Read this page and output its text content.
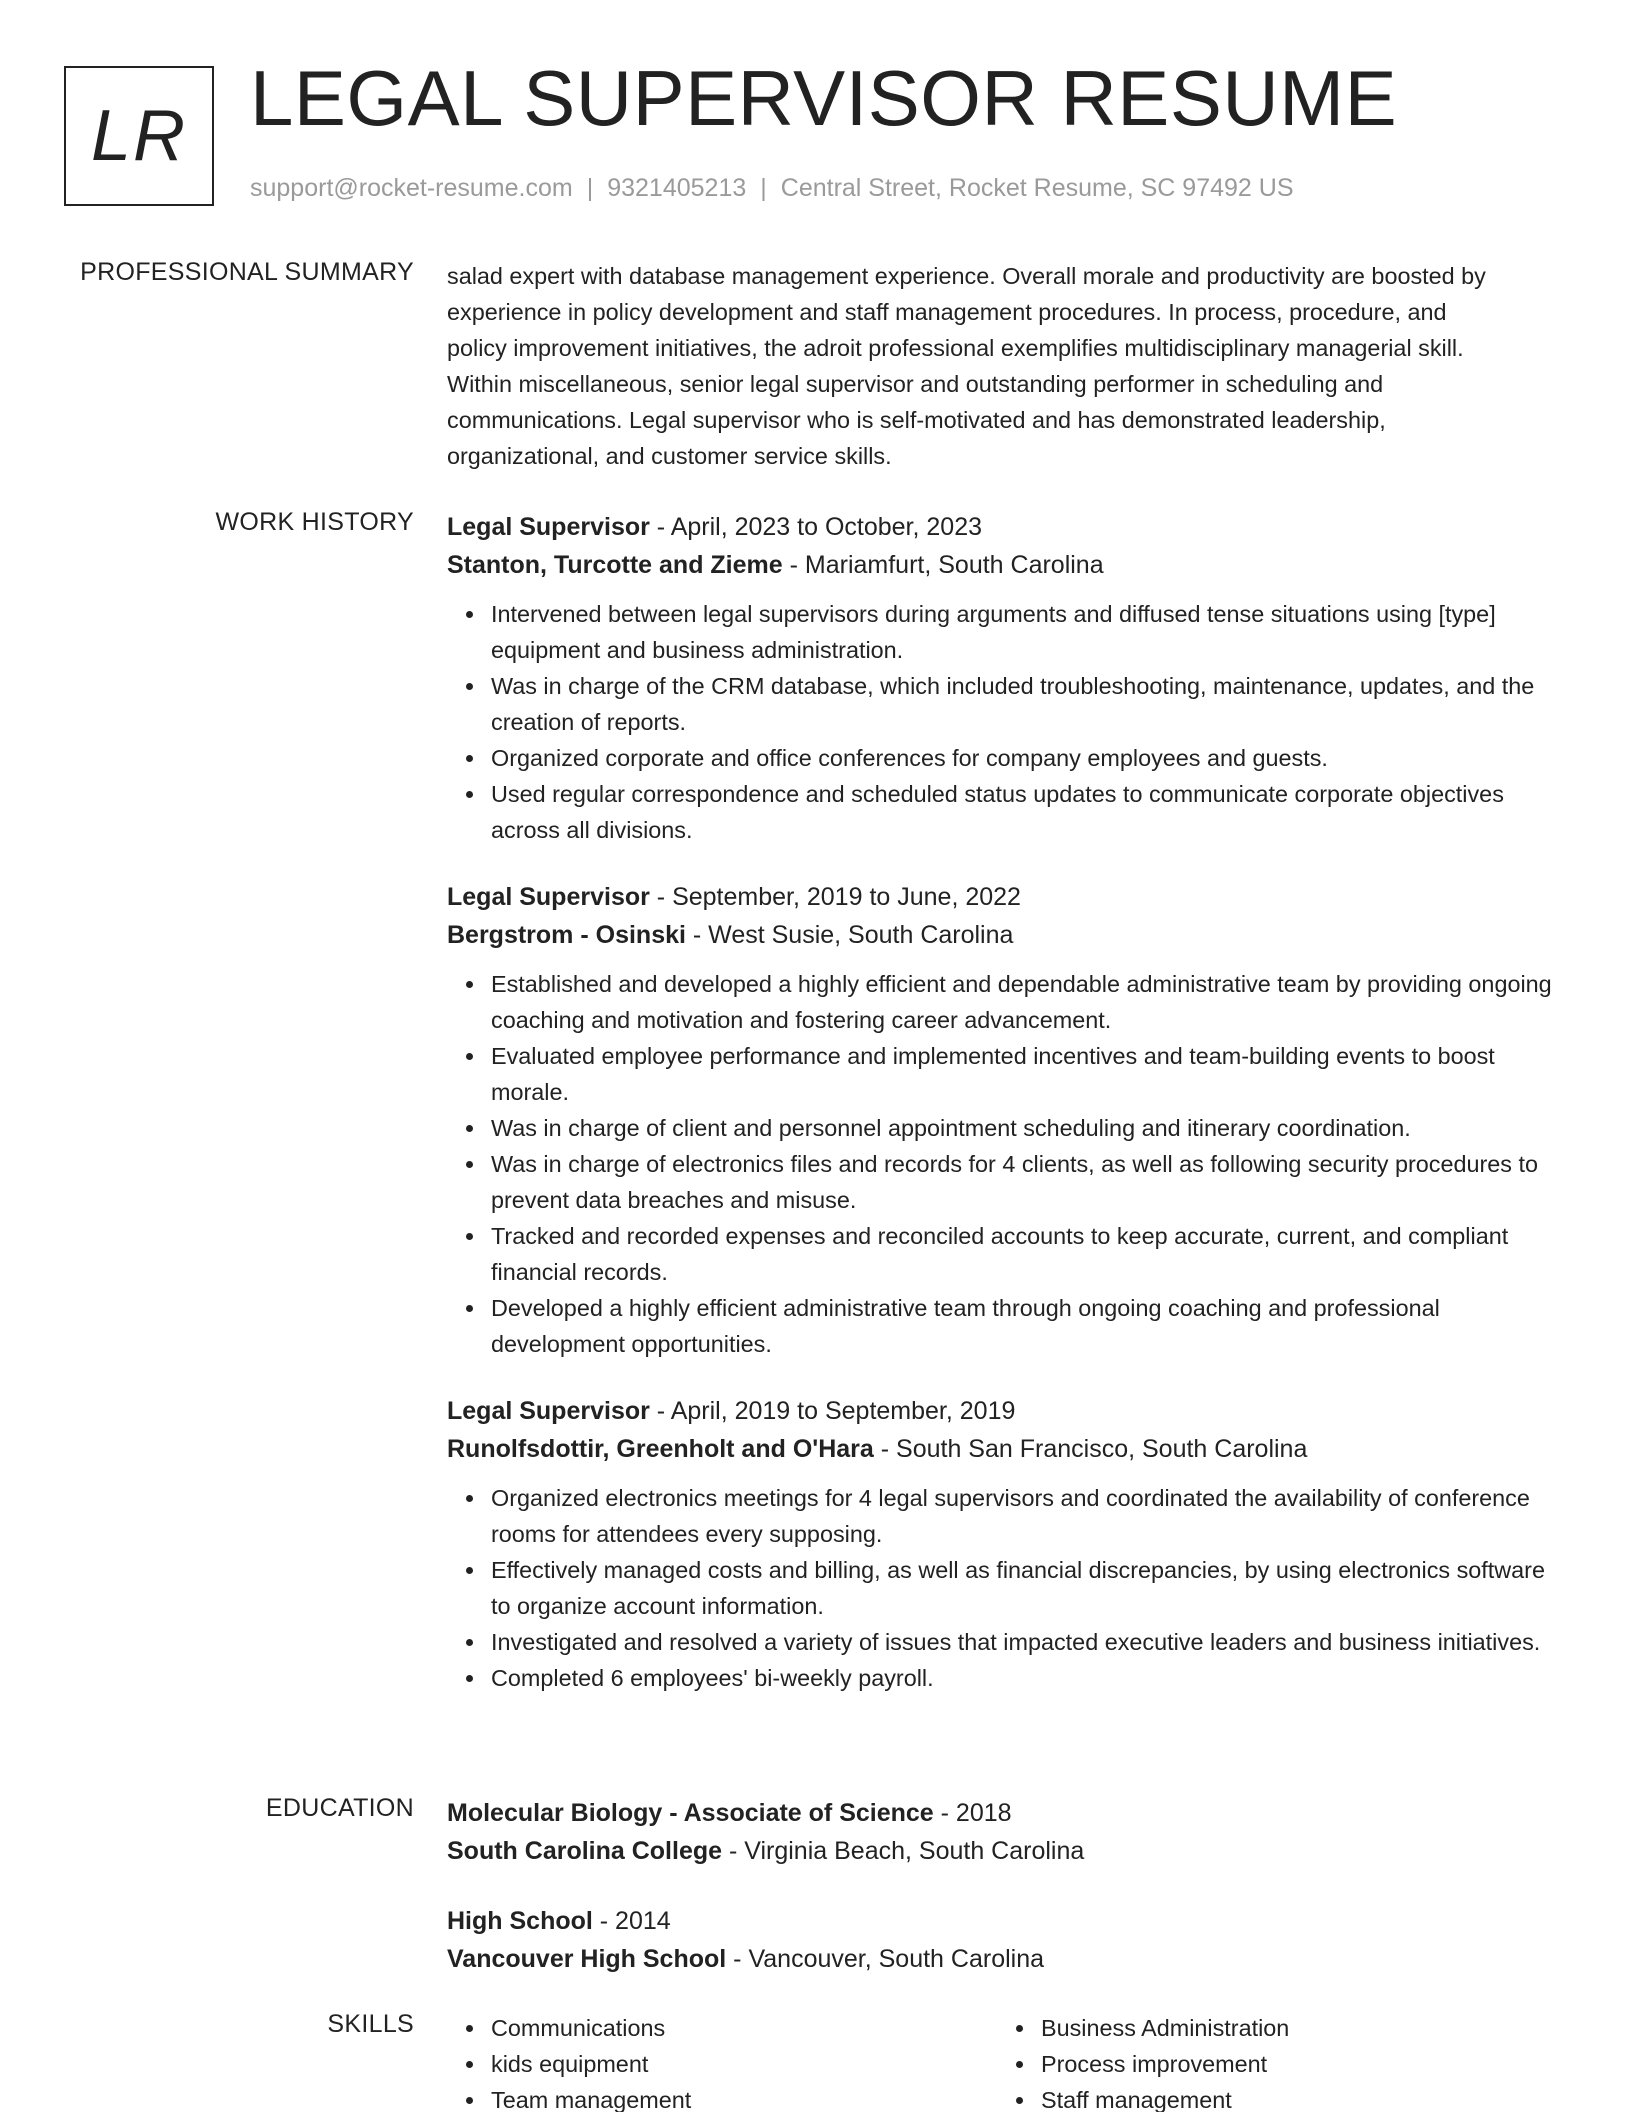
LR LEGAL SUPERVISOR RESUME
support@rocket-resume.com | 9321405213 | Central Street, Rocket Resume, SC 97492 US
PROFESSIONAL SUMMARY salad expert with database management experience. Overall morale and productivity are boosted by
experience in policy development and staff management procedures. In process, procedure, and
policy improvement initiatives, the adroit professional exemplifies multidisciplinary managerial skill.
Within miscellaneous, senior legal supervisor and outstanding performer in scheduling and
communications. Legal supervisor who is self-motivated and has demonstrated leadership,
organizational, and customer service skills.
WORK HISTORY Legal Supervisor - April, 2023 to October, 2023
Stanton, Turcotte and Zieme - Mariamfurt, South Carolina
Intervened between legal supervisors during arguments and diffused tense situations using [type] equipment and business administration.
Was in charge of the CRM database, which included troubleshooting, maintenance, updates, and the creation of reports.
Organized corporate and office conferences for company employees and guests.
Used regular correspondence and scheduled status updates to communicate corporate objectives across all divisions.
Legal Supervisor - September, 2019 to June, 2022
Bergstrom - Osinski - West Susie, South Carolina
Established and developed a highly efficient and dependable administrative team by providing ongoing coaching and motivation and fostering career advancement.
Evaluated employee performance and implemented incentives and team-building events to boost morale.
Was in charge of client and personnel appointment scheduling and itinerary coordination.
Was in charge of electronics files and records for 4 clients, as well as following security procedures to prevent data breaches and misuse.
Tracked and recorded expenses and reconciled accounts to keep accurate, current, and compliant financial records.
Developed a highly efficient administrative team through ongoing coaching and professional development opportunities.
Legal Supervisor - April, 2019 to September, 2019
Runolfsdottir, Greenholt and O'Hara - South San Francisco, South Carolina
Organized electronics meetings for 4 legal supervisors and coordinated the availability of conference rooms for attendees every supposing.
Effectively managed costs and billing, as well as financial discrepancies, by using electronics software to organize account information.
Investigated and resolved a variety of issues that impacted executive leaders and business initiatives.
Completed 6 employees' bi-weekly payroll.
EDUCATION Molecular Biology - Associate of Science - 2018
South Carolina College - Virginia Beach, South Carolina
High School - 2014
Vancouver High School - Vancouver, South Carolina
SKILLS	Communications
kids equipment
Team management
Business Administration
Process improvement
Staff management
